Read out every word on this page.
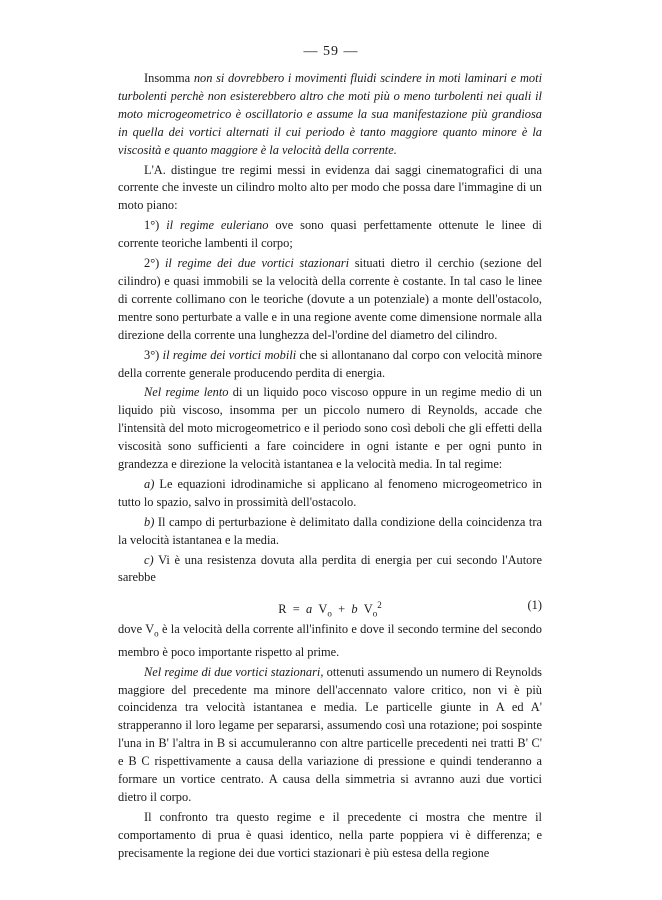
— 59 —

Insomma non si dovrebbero i movimenti fluidi scindere in moti laminari e moti turbolenti perchè non esisterebbero altro che moti più o meno turbolenti nei quali il moto microgeometrico è oscillatorio e assume la sua manifestazione più grandiosa in quella dei vortici alternati il cui periodo è tanto maggiore quanto minore è la viscosità e quanto maggiore è la velocità della corrente.

L'A. distingue tre regimi messi in evidenza dai saggi cinematografici di una corrente che investe un cilindro molto alto per modo che possa dare l'immagine di un moto piano:

1°) il regime euleriano ove sono quasi perfettamente ottenute le linee di corrente teoriche lambenti il corpo;

2°) il regime dei due vortici stazionari situati dietro il cerchio (sezione del cilindro) e quasi immobili se la velocità della corrente è costante. In tal caso le linee di corrente collimano con le teoriche (dovute a un potenziale) a monte dell'ostacolo, mentre sono perturbate a valle e in una regione avente come dimensione normale alla direzione della corrente una lunghezza del-l'ordine del diametro del cilindro.

3°) il regime dei vortici mobili che si allontanano dal corpo con velocità minore della corrente generale producendo perdita di energia.

Nel regime lento di un liquido poco viscoso oppure in un regime medio di un liquido più viscoso, insomma per un piccolo numero di Reynolds, accade che l'intensità del moto microgeometrico e il periodo sono così deboli che gli effetti della viscosità sono sufficienti a fare coincidere in ogni istante e per ogni punto in grandezza e direzione la velocità istantanea e la velocità media. In tal regime:

a) Le equazioni idrodinamiche si applicano al fenomeno microgeometrico in tutto lo spazio, salvo in prossimità dell'ostacolo.

b) Il campo di perturbazione è delimitato dalla condizione della coincidenza tra la velocità istantanea e la media.

c) Vi è una resistenza dovuta alla perdita di energia per cui secondo l'Autore sarebbe

R = a $V_o + b$ $V_o^2$	(1)

dove $V_o$ è la velocità della corrente all'infinito e dove il secondo termine del secondo membro è poco importante rispetto al prime.

Nel regime di due vortici stazionari, ottenuti assumendo un numero di Reynolds maggiore del precedente ma minore dell'accennato valore critico, non vi è più coincidenza tra velocità istantanea e media. Le particelle giunte in A ed A' strapperanno il loro legame per separarsi, assumendo così una rotazione; poi sospinte l'una in B' l'altra in B si accumuleranno con altre particelle precedenti nei tratti B' C' e B C rispettivamente a causa della variazione di pressione e quindi tenderanno a formare un vortice centrato. A causa della simmetria si avranno auzi due vortici dietro il corpo.

Il confronto tra questo regime e il precedente ci mostra che mentre il comportamento di prua è quasi identico, nella parte poppiera vi è differenza; e precisamente la regione dei due vortici stazionari è più estesa della regione
